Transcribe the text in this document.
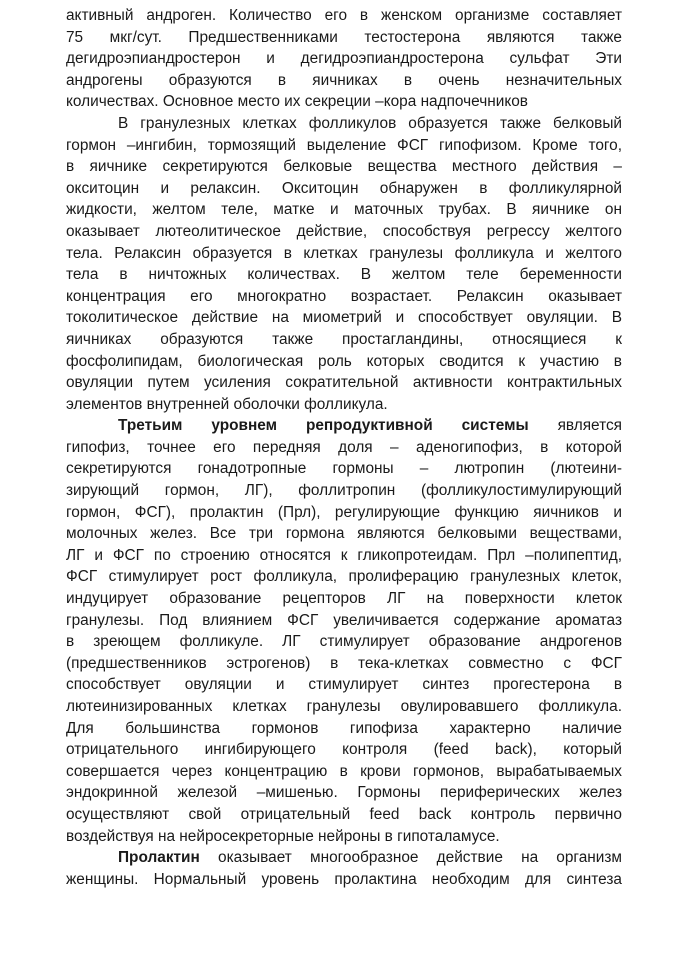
активный андроген. Количество его в женском организме составляет
75 мкг/сут. Предшественниками тестостерона являются также
дегидроэпиандростерон и дегидроэпиандростерона сульфат Эти
андрогены образуются в яичниках в очень незначительных
количествах. Основное место их секреции –кора надпочечников
В гранулезных клетках фолликулов образуется также белковый
гормон –ингибин, тормозящий выделение ФСГ гипофизом. Кроме того,
в яичнике секретируются белковые вещества местного действия –
окситоцин и релаксин. Окситоцин обнаружен в фолликулярной
жидкости, желтом теле, матке и маточных трубах. В яичнике он
оказывает лютеолитическое действие, способствуя регрессу желтого
тела. Релаксин образуется в клетках гранулезы фолликула и желтого
тела в ничтожных количествах. В желтом теле беременности
концентрация его многократно возрастает. Релаксин оказывает
токолитическое действие на миометрий и способствует овуляции. В
яичниках образуются также простагландины, относящиеся к
фосфолипидам, биологическая роль которых сводится к участию в
овуляции путем усиления сократительной активности контрактильных
элементов внутренней оболочки фолликула.
Третьим уровнем репродуктивной системы является
гипофиз, точнее его передняя доля – аденогипофиз, в которой
секретируются гонадотропные гормоны – лютропин (лютеини-
зирующий гормон, ЛГ), фоллитропин (фолликулостимулирующий
гормон, ФСГ), пролактин (Прл), регулирующие функцию яичников и
молочных желез. Все три гормона являются белковыми веществами,
ЛГ и ФСГ по строению относятся к гликопротеидам. Прл –полипептид,
ФСГ стимулирует рост фолликула, пролиферацию гранулезных клеток,
индуцирует образование рецепторов ЛГ на поверхности клеток
гранулезы. Под влиянием ФСГ увеличивается содержание ароматаз
в зреющем фолликуле. ЛГ стимулирует образование андрогенов
(предшественников эстрогенов) в тека-клетках совместно с ФСГ
способствует овуляции и стимулирует синтез прогестерона в
лютеинизированных клетках гранулезы овулировавшего фолликула.
Для большинства гормонов гипофиза характерно наличие
отрицательного ингибирующего контроля (feed back), который
совершается через концентрацию в крови гормонов, вырабатываемых
эндокринной железой –мишенью. Гормоны периферических желез
осуществляют свой отрицательный feed back контроль первично
воздействуя на нейросекреторные нейроны в гипоталамусе.
Пролактин оказывает многообразное действие на организм
женщины. Нормальный уровень пролактина необходим для синтеза
